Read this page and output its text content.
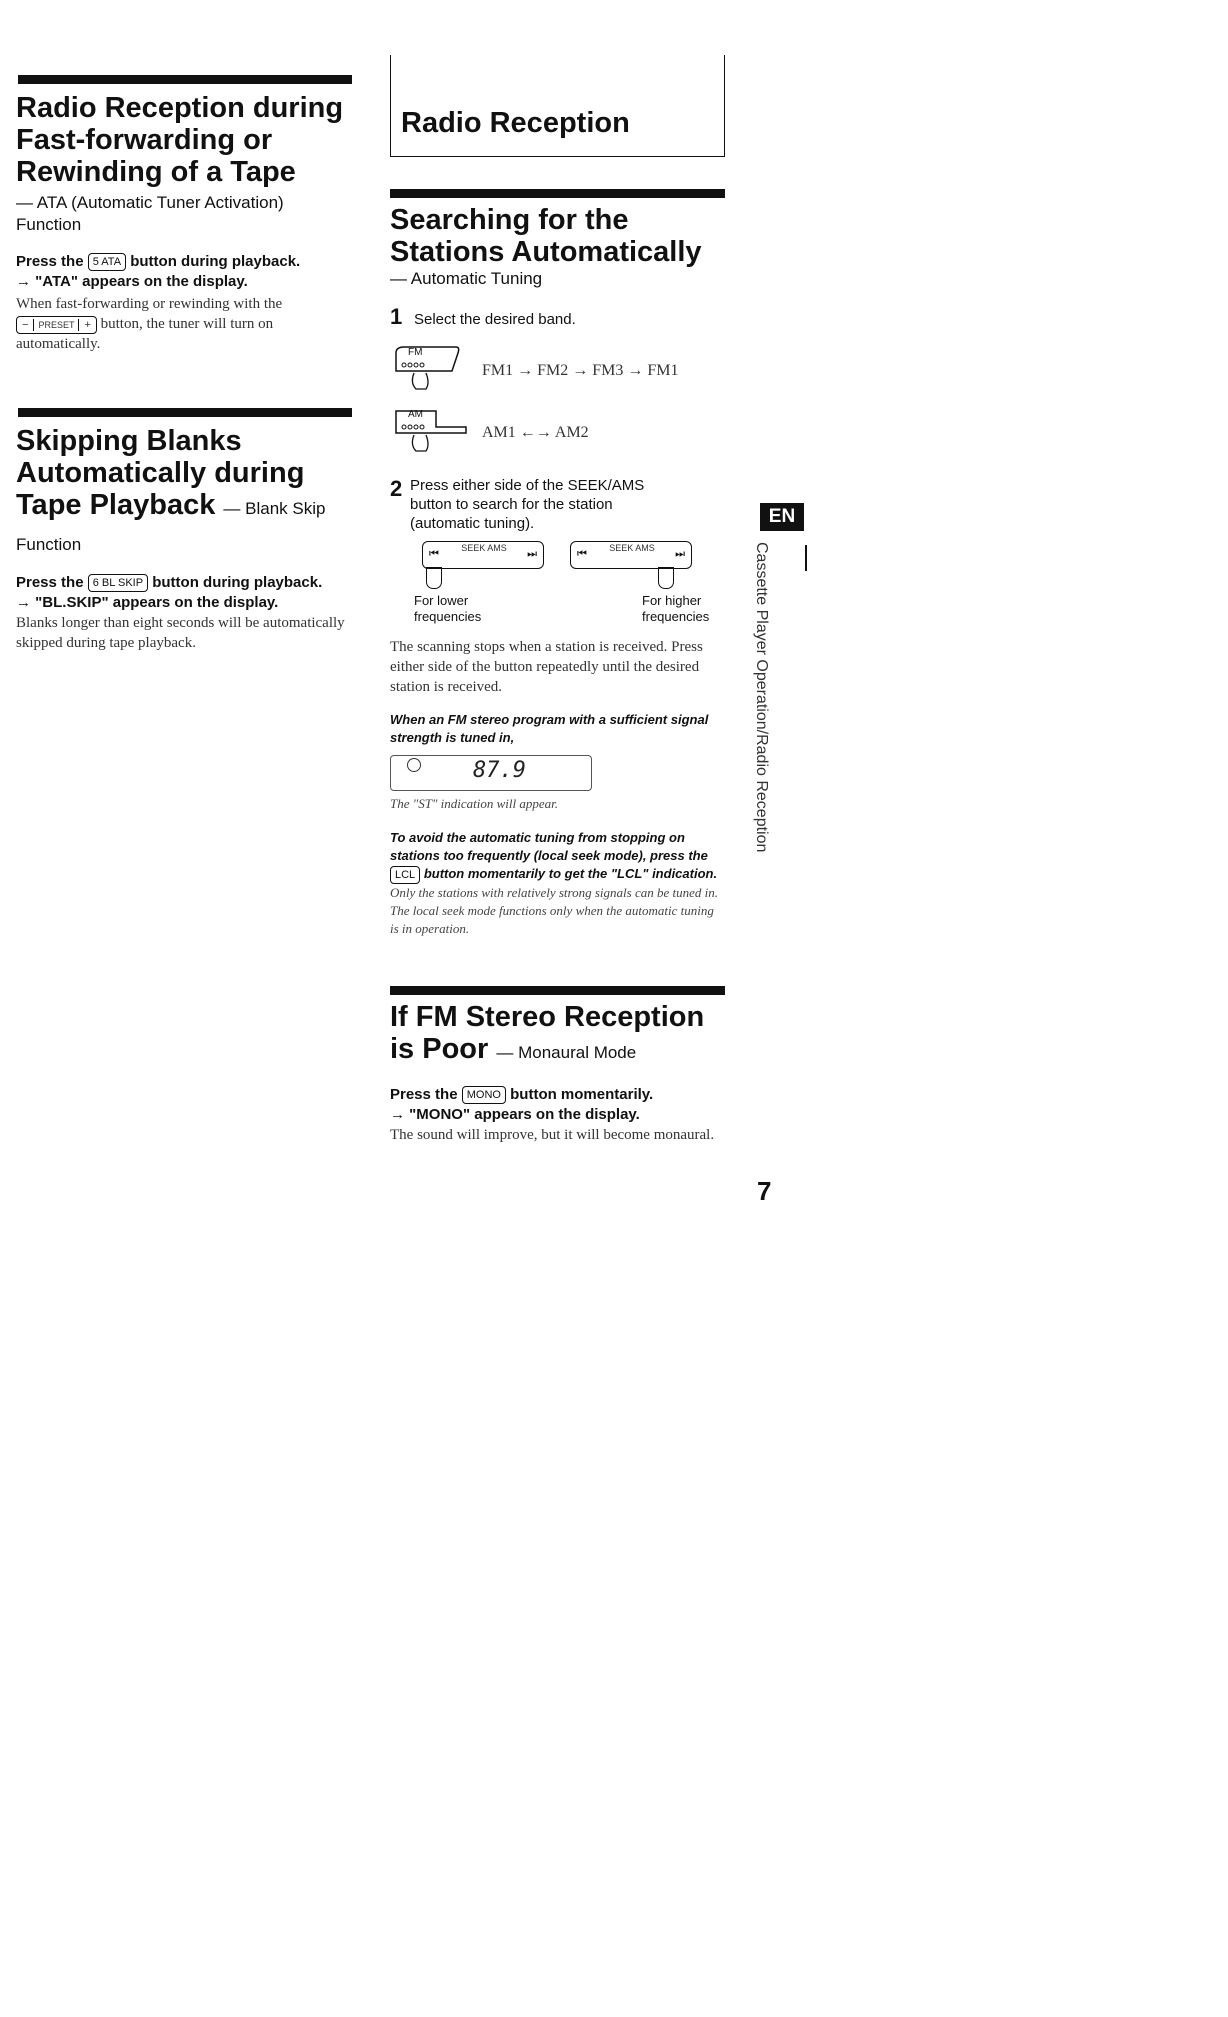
Radio Reception during Fast-forwarding or Rewinding of a Tape
— ATA (Automatic Tuner Activation) Function
Press the 5 ATA button during playback.
→ "ATA" appears on the display.
When fast-forwarding or rewinding with the − PRESET + button, the tuner will turn on automatically.
Skipping Blanks Automatically during Tape Playback — Blank Skip Function
Press the 6 BL SKIP button during playback.
→ "BL.SKIP" appears on the display.
Blanks longer than eight seconds will be automatically skipped during tape playback.
Radio Reception
Searching for the Stations Automatically
— Automatic Tuning
1 Select the desired band.
FM
FM1 → FM2 → FM3 → FM1
AM
AM1 ←→ AM2
2 Press either side of the SEEK/AMS button to search for the station (automatic tuning).
SEEK AMS
⏮	⏭	SEEK AMS
⏮	⏭
For lower frequencies
For higher frequencies
The scanning stops when a station is received. Press either side of the button repeatedly until the desired station is received.
When an FM stereo program with a sufficient signal strength is tuned in,
87.9
The "ST" indication will appear.
To avoid the automatic tuning from stopping on stations too frequently (local seek mode), press the LCL button momentarily to get the "LCL" indication.
Only the stations with relatively strong signals can be tuned in. The local seek mode functions only when the automatic tuning is in operation.
If FM Stereo Reception is Poor — Monaural Mode
Press the MONO button momentarily.
→ "MONO" appears on the display.
The sound will improve, but it will become monaural.
EN
Cassette Player Operation/Radio Reception
7
